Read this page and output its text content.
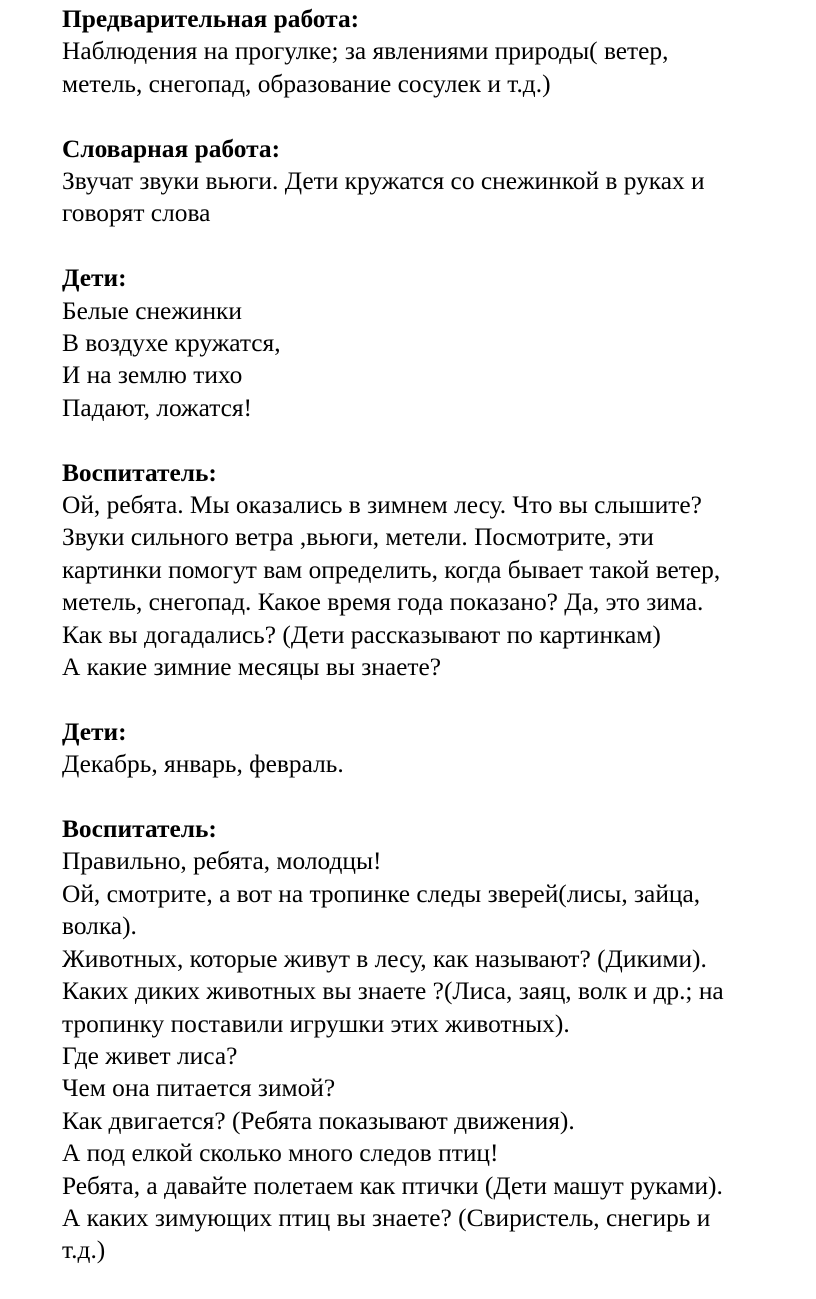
Предварительная работа:
Наблюдения на прогулке; за явлениями природы( ветер,
метель, снегопад, образование сосулек и т.д.)
Словарная работа:
Звучат звуки вьюги. Дети кружатся со снежинкой в руках и
говорят слова
Дети:
Белые снежинки
В воздухе кружатся,
И на землю тихо
Падают, ложатся!
Воспитатель:
Ой, ребята. Мы оказались в зимнем лесу. Что вы слышите?
Звуки сильного ветра ,вьюги, метели. Посмотрите, эти
картинки помогут вам определить, когда бывает такой ветер,
метель, снегопад. Какое время года показано? Да, это зима.
Как вы догадались? (Дети рассказывают по картинкам)
А какие зимние месяцы вы знаете?
Дети:
Декабрь, январь, февраль.
Воспитатель:
Правильно, ребята, молодцы!
Ой, смотрите, а вот на тропинке следы зверей(лисы, зайца,
волка).
Животных, которые живут в лесу, как называют? (Дикими).
Каких диких животных вы знаете ?(Лиса, заяц, волк и др.; на
тропинку поставили игрушки этих животных).
Где живет лиса?
Чем она питается зимой?
Как двигается? (Ребята показывают движения).
А под елкой сколько много следов птиц!
Ребята, а давайте полетаем как птички (Дети машут руками).
А каких зимующих птиц вы знаете? (Свиристель, снегирь и
т.д.)
